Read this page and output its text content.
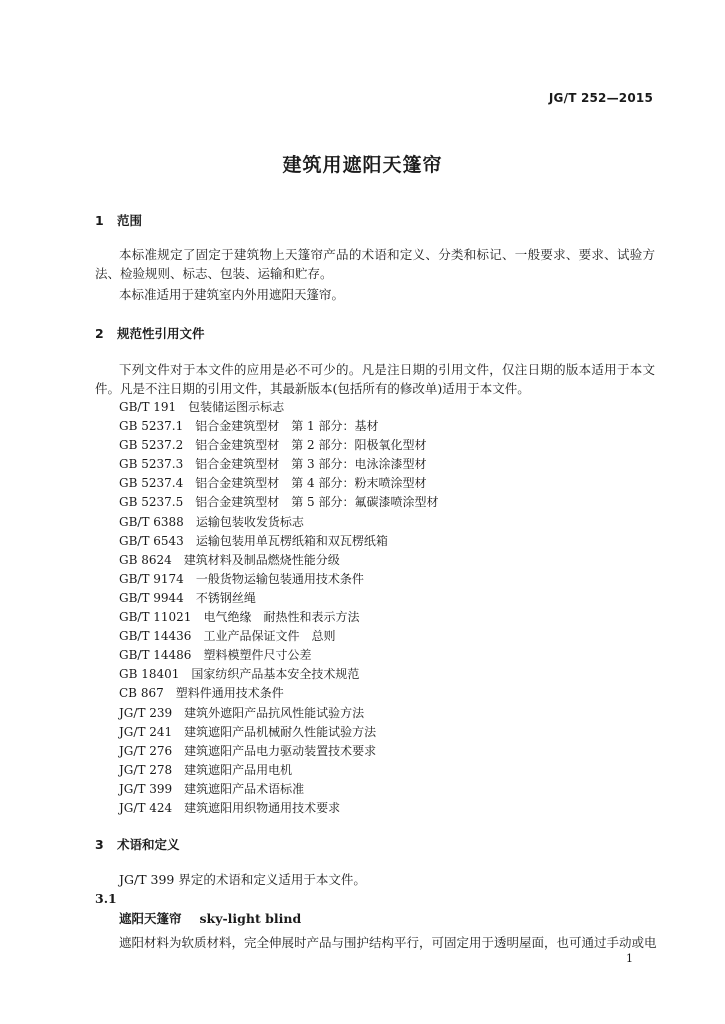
JG/T 252—2015
建筑用遮阳天篷帘
1 范围
本标准规定了固定于建筑物上天篷帘产品的术语和定义、分类和标记、一般要求、要求、试验方法、检验规则、标志、包装、运输和贮存。
本标准适用于建筑室内外用遮阳天篷帘。
2 规范性引用文件
下列文件对于本文件的应用是必不可少的。凡是注日期的引用文件，仅注日期的版本适用于本文件。凡是不注日期的引用文件，其最新版本(包括所有的修改单)适用于本文件。
GB/T 191 包装储运图示标志
GB 5237.1 铝合金建筑型材　第 1 部分：基材
GB 5237.2 铝合金建筑型材　第 2 部分：阳极氧化型材
GB 5237.3 铝合金建筑型材　第 3 部分：电泳涂漆型材
GB 5237.4 铝合金建筑型材　第 4 部分：粉末喷涂型材
GB 5237.5 铝合金建筑型材　第 5 部分：氟碳漆喷涂型材
GB/T 6388 运输包装收发货标志
GB/T 6543 运输包装用单瓦楞纸箱和双瓦楞纸箱
GB 8624 建筑材料及制品燃烧性能分级
GB/T 9174 一般货物运输包装通用技术条件
GB/T 9944 不锈钢丝绳
GB/T 11021 电气绝缘　耐热性和表示方法
GB/T 14436 工业产品保证文件　总则
GB/T 14486 塑料模塑件尺寸公差
GB 18401 国家纺织产品基本安全技术规范
CB 867 塑料件通用技术条件
JG/T 239 建筑外遮阳产品抗风性能试验方法
JG/T 241 建筑遮阳产品机械耐久性能试验方法
JG/T 276 建筑遮阳产品电力驱动装置技术要求
JG/T 278 建筑遮阳产品用电机
JG/T 399 建筑遮阳产品术语标准
JG/T 424 建筑遮阳用织物通用技术要求
3 术语和定义
JG/T 399 界定的术语和定义适用于本文件。
3.1
遮阳天篷帘 sky-light blind
遮阳材料为软质材料，完全伸展时产品与围护结构平行，可固定用于透明屋面，也可通过手动或电
1
